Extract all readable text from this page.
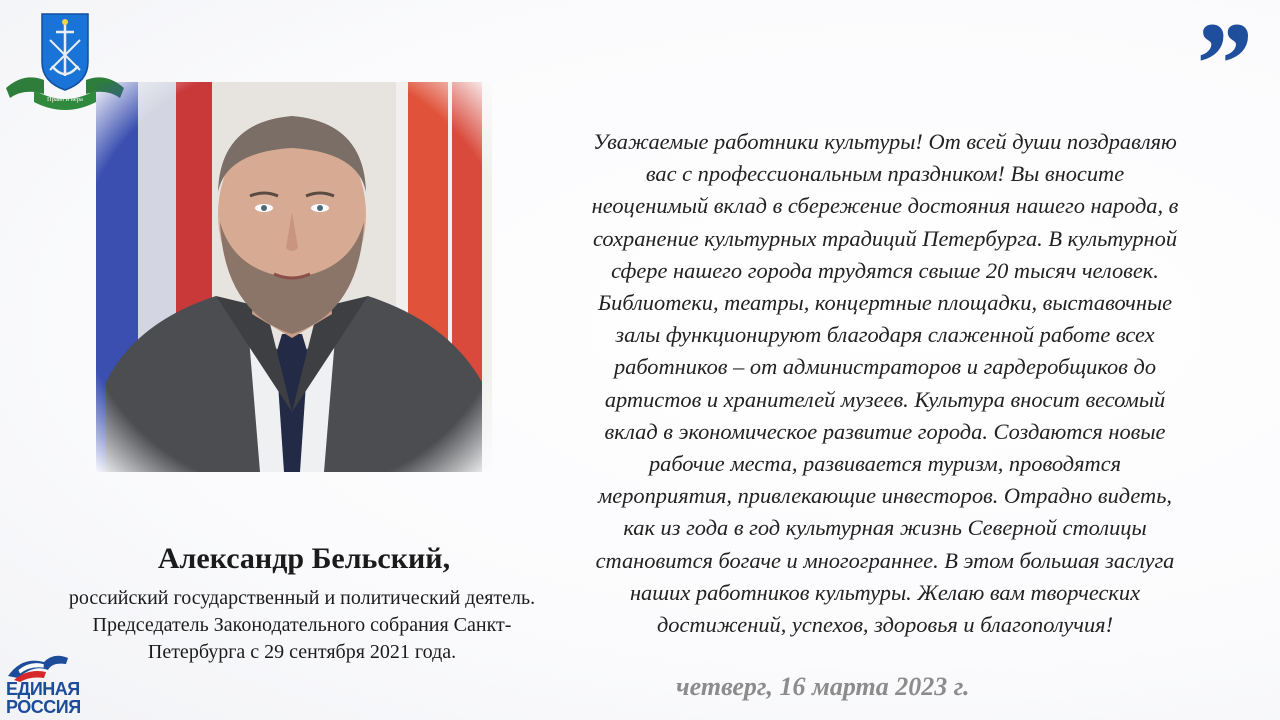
Право и вера	”
Уважаемые работники культуры! От всей души поздравляю
вас с профессиональным праздником! Вы вносите
неоценимый вклад в сбережение достояния нашего народа, в
сохранение культурных традиций Петербурга. В культурной
сфере нашего города трудятся свыше 20 тысяч человек.
Библиотеки, театры, концертные площадки, выставочные
залы функционируют благодаря слаженной работе всех
работников – от администраторов и гардеробщиков до
артистов и хранителей музеев. Культура вносит весомый
вклад в экономическое развитие города. Создаются новые
рабочие места, развивается туризм, проводятся
мероприятия, привлекающие инвесторов. Отрадно видеть,
как из года в год культурная жизнь Северной столицы
становится богаче и многограннее. В этом большая заслуга
наших работников культуры. Желаю вам творческих
достижений, успехов, здоровья и благополучия!
Александр Бельский,
российский государственный и политический деятель.
Председатель Законодательного собрания Санкт-
Петербурга с 29 сентября 2021 года.
четверг, 16 марта 2023 г.
ЕДИНАЯ
РОССИЯ
